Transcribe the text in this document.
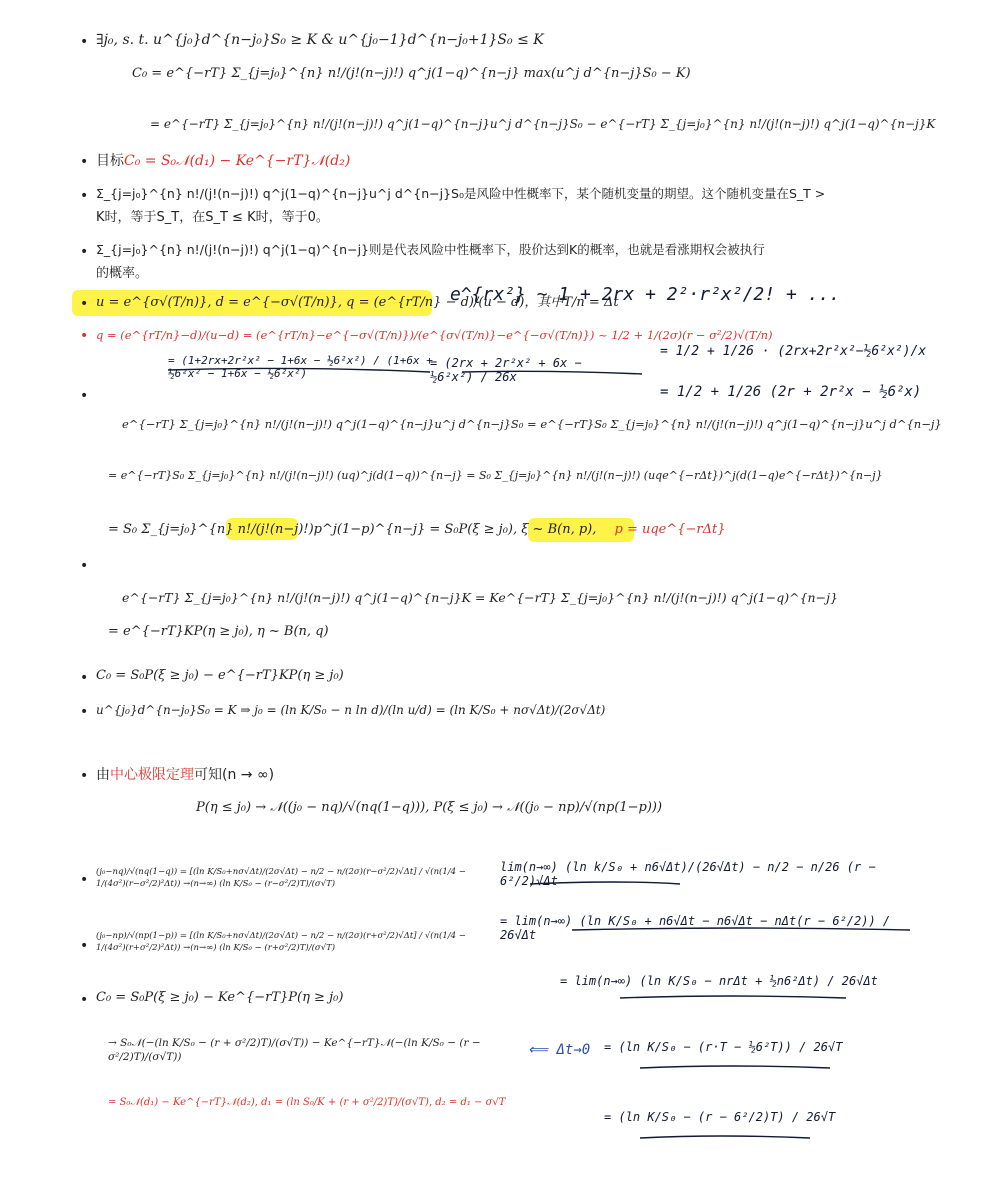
•
•
•
•
•
•
•
•
•
•
•
•
•
•
∃j₀, s. t. u^{j₀}d^{n−j₀}S₀ ≥ K & u^{j₀−1}d^{n−j₀+1}S₀ ≤ K
C₀ = e^{−rT} Σ_{j=j₀}^{n} n!/(j!(n−j)!) q^j(1−q)^{n−j} max(u^j d^{n−j}S₀ − K)
= e^{−rT} Σ_{j=j₀}^{n} n!/(j!(n−j)!) q^j(1−q)^{n−j}u^j d^{n−j}S₀ − e^{−rT} Σ_{j=j₀}^{n} n!/(j!(n−j)!) q^j(1−q)^{n−j}K
目标C₀ = S₀𝒩(d₁) − Ke^{−rT}𝒩(d₂)
Σ_{j=j₀}^{n} n!/(j!(n−j)!) q^j(1−q)^{n−j}u^j d^{n−j}S₀是风险中性概率下，某个随机变量的期望。这个随机变量在S_T >
K时，等于S_T，在S_T ≤ K时，等于0。
Σ_{j=j₀}^{n} n!/(j!(n−j)!) q^j(1−q)^{n−j}则是代表风险中性概率下，股价达到K的概率，也就是看涨期权会被执行
的概率。
u = e^{σ√(T/n)}, d = e^{−σ√(T/n)}, q = (e^{rT/n} − d)/(u − d)，其中T/n = Δt
q = (e^{rT/n}−d)/(u−d) = (e^{rT/n}−e^{−σ√(T/n)})/(e^{σ√(T/n)}−e^{−σ√(T/n)}) ~ 1/2 + 1/(2σ)(r − σ²/2)√(T/n)
e^{−rT} Σ_{j=j₀}^{n} n!/(j!(n−j)!) q^j(1−q)^{n−j}u^j d^{n−j}S₀ = e^{−rT}S₀ Σ_{j=j₀}^{n} n!/(j!(n−j)!) q^j(1−q)^{n−j}u^j d^{n−j}
= e^{−rT}S₀ Σ_{j=j₀}^{n} n!/(j!(n−j)!) (uq)^j(d(1−q))^{n−j} = S₀ Σ_{j=j₀}^{n} n!/(j!(n−j)!) (uqe^{−rΔt})^j(d(1−q)e^{−rΔt})^{n−j}
= S₀ Σ_{j=j₀}^{n} n!/(j!(n−j)!)p^j(1−p)^{n−j} = S₀P(ξ ≥ j₀), ξ ~ B(n, p), p = uqe^{−rΔt}
e^{−rT} Σ_{j=j₀}^{n} n!/(j!(n−j)!) q^j(1−q)^{n−j}K = Ke^{−rT} Σ_{j=j₀}^{n} n!/(j!(n−j)!) q^j(1−q)^{n−j}
= e^{−rT}KP(η ≥ j₀), η ~ B(n, q)
C₀ = S₀P(ξ ≥ j₀) − e^{−rT}KP(η ≥ j₀)
u^{j₀}d^{n−j₀}S₀ = K ⇒ j₀ = (ln K/S₀ − n ln d)/(ln u/d) = (ln K/S₀ + nσ√Δt)/(2σ√Δt)
由中心极限定理可知(n → ∞)
P(η ≤ j₀) → 𝒩((j₀ − nq)/√(nq(1−q))), P(ξ ≤ j₀) → 𝒩((j₀ − np)/√(np(1−p)))
(j₀−nq)/√(nq(1−q)) = [(ln K/S₀+nσ√Δt)/(2σ√Δt) − n/2 − n/(2σ)(r−σ²/2)√Δt] / √(n(1/4 − 1/(4σ²)(r−σ²/2)²Δt)) →(n→∞) (ln K/S₀ − (r−σ²/2)T)/(σ√T)
(j₀−np)/√(np(1−p)) = [(ln K/S₀+nσ√Δt)/(2σ√Δt) − n/2 − n/(2σ)(r+σ²/2)√Δt] / √(n(1/4 − 1/(4σ²)(r+σ²/2)²Δt)) →(n→∞) (ln K/S₀ − (r+σ²/2)T)/(σ√T)
C₀ = S₀P(ξ ≥ j₀) − Ke^{−rT}P(η ≥ j₀)
→ S₀𝒩(−(ln K/S₀ − (r + σ²/2)T)/(σ√T)) − Ke^{−rT}𝒩(−(ln K/S₀ − (r − σ²/2)T)/(σ√T))
= S₀𝒩(d₁) − Ke^{−rT}𝒩(d₂), d₁ = (ln S₀/K + (r + σ²/2)T)/(σ√T), d₂ = d₁ − σ√T
e^{rx²} ~ 1 + 2rx + 2²·r²x²/2! + ...
= (1+2rx+2r²x² − 1+6x − ½6²x²) / (1+6x + ½6²x² − 1+6x − ½6²x²)
= (2rx + 2r²x² + 6x − ½6²x²) / 26x
= 1/2 + 1/26 · (2rx+2r²x²−½6²x²)/x
= 1/2 + 1/26 (2r + 2r²x − ½6²x)
lim(n→∞) (ln k/S₀ + n6√Δt)/(26√Δt) − n/2 − n/26 (r − 6²/2)√Δt
= lim(n→∞) (ln K/S₀ + n6√Δt − n6√Δt − nΔt(r − 6²/2)) / 26√Δt
= lim(n→∞) (ln K/S₀ − nrΔt + ½n6²Δt) / 26√Δt
⟸ Δt→0 = (ln K/S₀ − (r·T − ½6²T)) / 26√T
= (ln K/S₀ − (r − 6²/2)T) / 26√T
